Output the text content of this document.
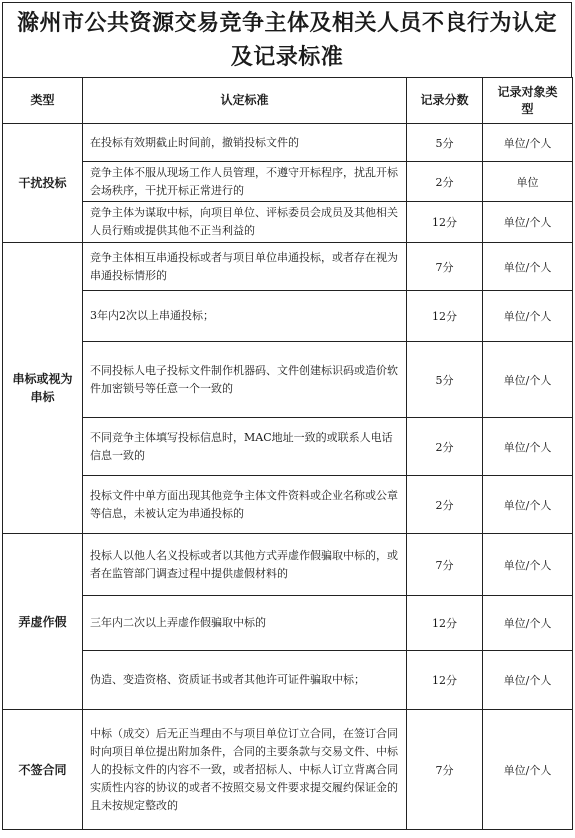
滁州市公共资源交易竞争主体及相关人员不良行为认定及记录标准
类型	认定标准	记录分数	记录对象类型
干扰投标	在投标有效期截止时间前，撤销投标文件的	5分	单位/个人
	竞争主体不服从现场工作人员管理，不遵守开标程序，扰乱开标会场秩序，干扰开标正常进行的	2分	单位
	竞争主体为谋取中标，向项目单位、评标委员会成员及其他相关人员行贿或提供其他不正当利益的	12分	单位/个人
串标或视为串标	竞争主体相互串通投标或者与项目单位串通投标，或者存在视为串通投标情形的	7分	单位/个人
	3年内2次以上串通投标；	12分	单位/个人
	不同投标人电子投标文件制作机器码、文件创建标识码或造价软件加密锁号等任意一个一致的	5分	单位/个人
	不同竞争主体填写投标信息时，MAC地址一致的或联系人电话信息一致的	2分	单位/个人
	投标文件中单方面出现其他竞争主体文件资料或企业名称或公章等信息，未被认定为串通投标的	2分	单位/个人
弄虚作假	投标人以他人名义投标或者以其他方式弄虚作假骗取中标的，或者在监管部门调查过程中提供虚假材料的	7分	单位/个人
	三年内二次以上弄虚作假骗取中标的	12分	单位/个人
	伪造、变造资格、资质证书或者其他许可证件骗取中标；	12分	单位/个人
不签合同	中标（成交）后无正当理由不与项目单位订立合同，在签订合同时向项目单位提出附加条件，合同的主要条款与交易文件、中标人的投标文件的内容不一致，或者招标人、中标人订立背离合同实质性内容的协议的或者不按照交易文件要求提交履约保证金的且未按规定整改的	7分	单位/个人
